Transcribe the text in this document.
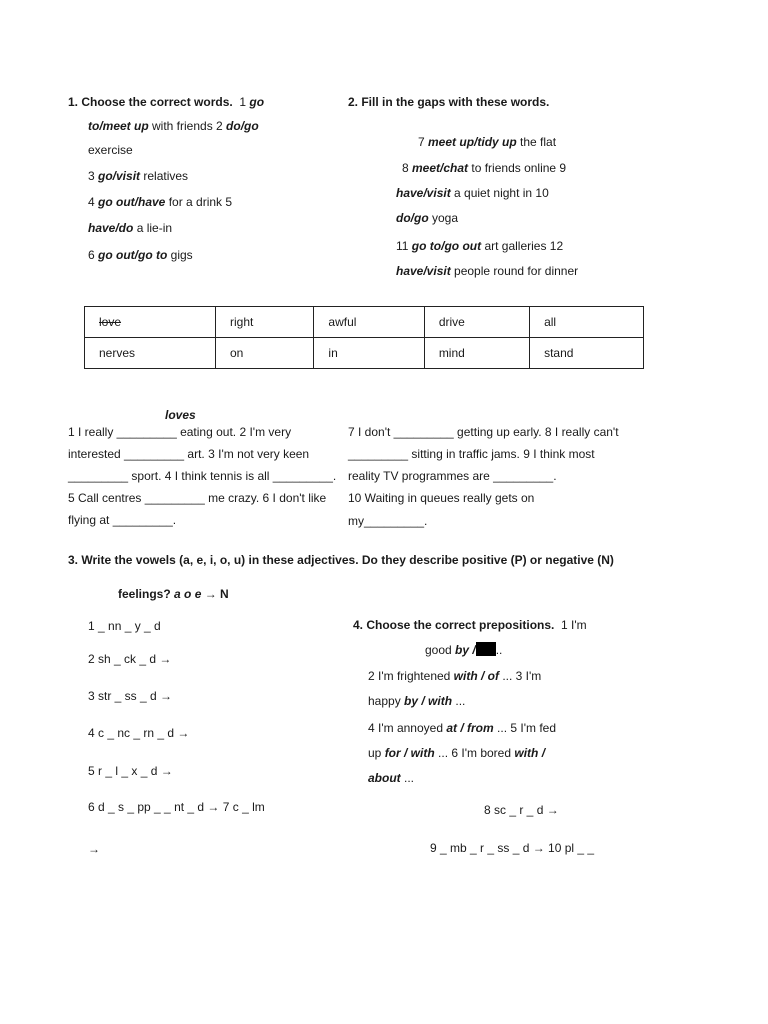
1. Choose the correct words. 1 go
to/meet up with friends 2 do/go
exercise
3 go/visit relatives
4 go out/have for a drink 5
have/do a lie-in
6 go out/go to gigs
2. Fill in the gaps with these words.
7 meet up/tidy up the flat
8 meet/chat to friends online 9
have/visit a quiet night in 10
do/go yoga
11 go to/go out art galleries 12
have/visit people round for dinner
love	right	awful	drive	all
nerves	on	in	mind	stand
loves
1 I really _________ eating out. 2 I'm very
interested _________ art. 3 I'm not very keen
_________ sport. 4 I think tennis is all _________.
5 Call centres _________ me crazy. 6 I don't like
flying at _________.
7 I don't _________ getting up early. 8 I really can't
_________ sitting in traffic jams. 9 I think most
reality TV programmes are _________.
10 Waiting in queues really gets on
my_________.
3. Write the vowels (a, e, i, o, u) in these adjectives. Do they describe positive (P) or negative (N)
feelings? a o e → N
1 _ nn _ y _ d
2 sh _ ck _ d →
3 str _ ss _ d →
4 c _ nc _ rn _ d →
5 r _ l _ x _ d →
6 d _ s _ pp _ _ nt _ d → 7 c _ lm
→
8 sc _ r _ d →
9 _ mb _ r _ ss _ d → 10 pl _ _
4. Choose the correct prepositions. 1 I'm
good by / ..
2 I'm frightened with / of ... 3 I'm
happy by / with ...
4 I'm annoyed at / from ... 5 I'm fed
up for / with ... 6 I'm bored with /
about ...
